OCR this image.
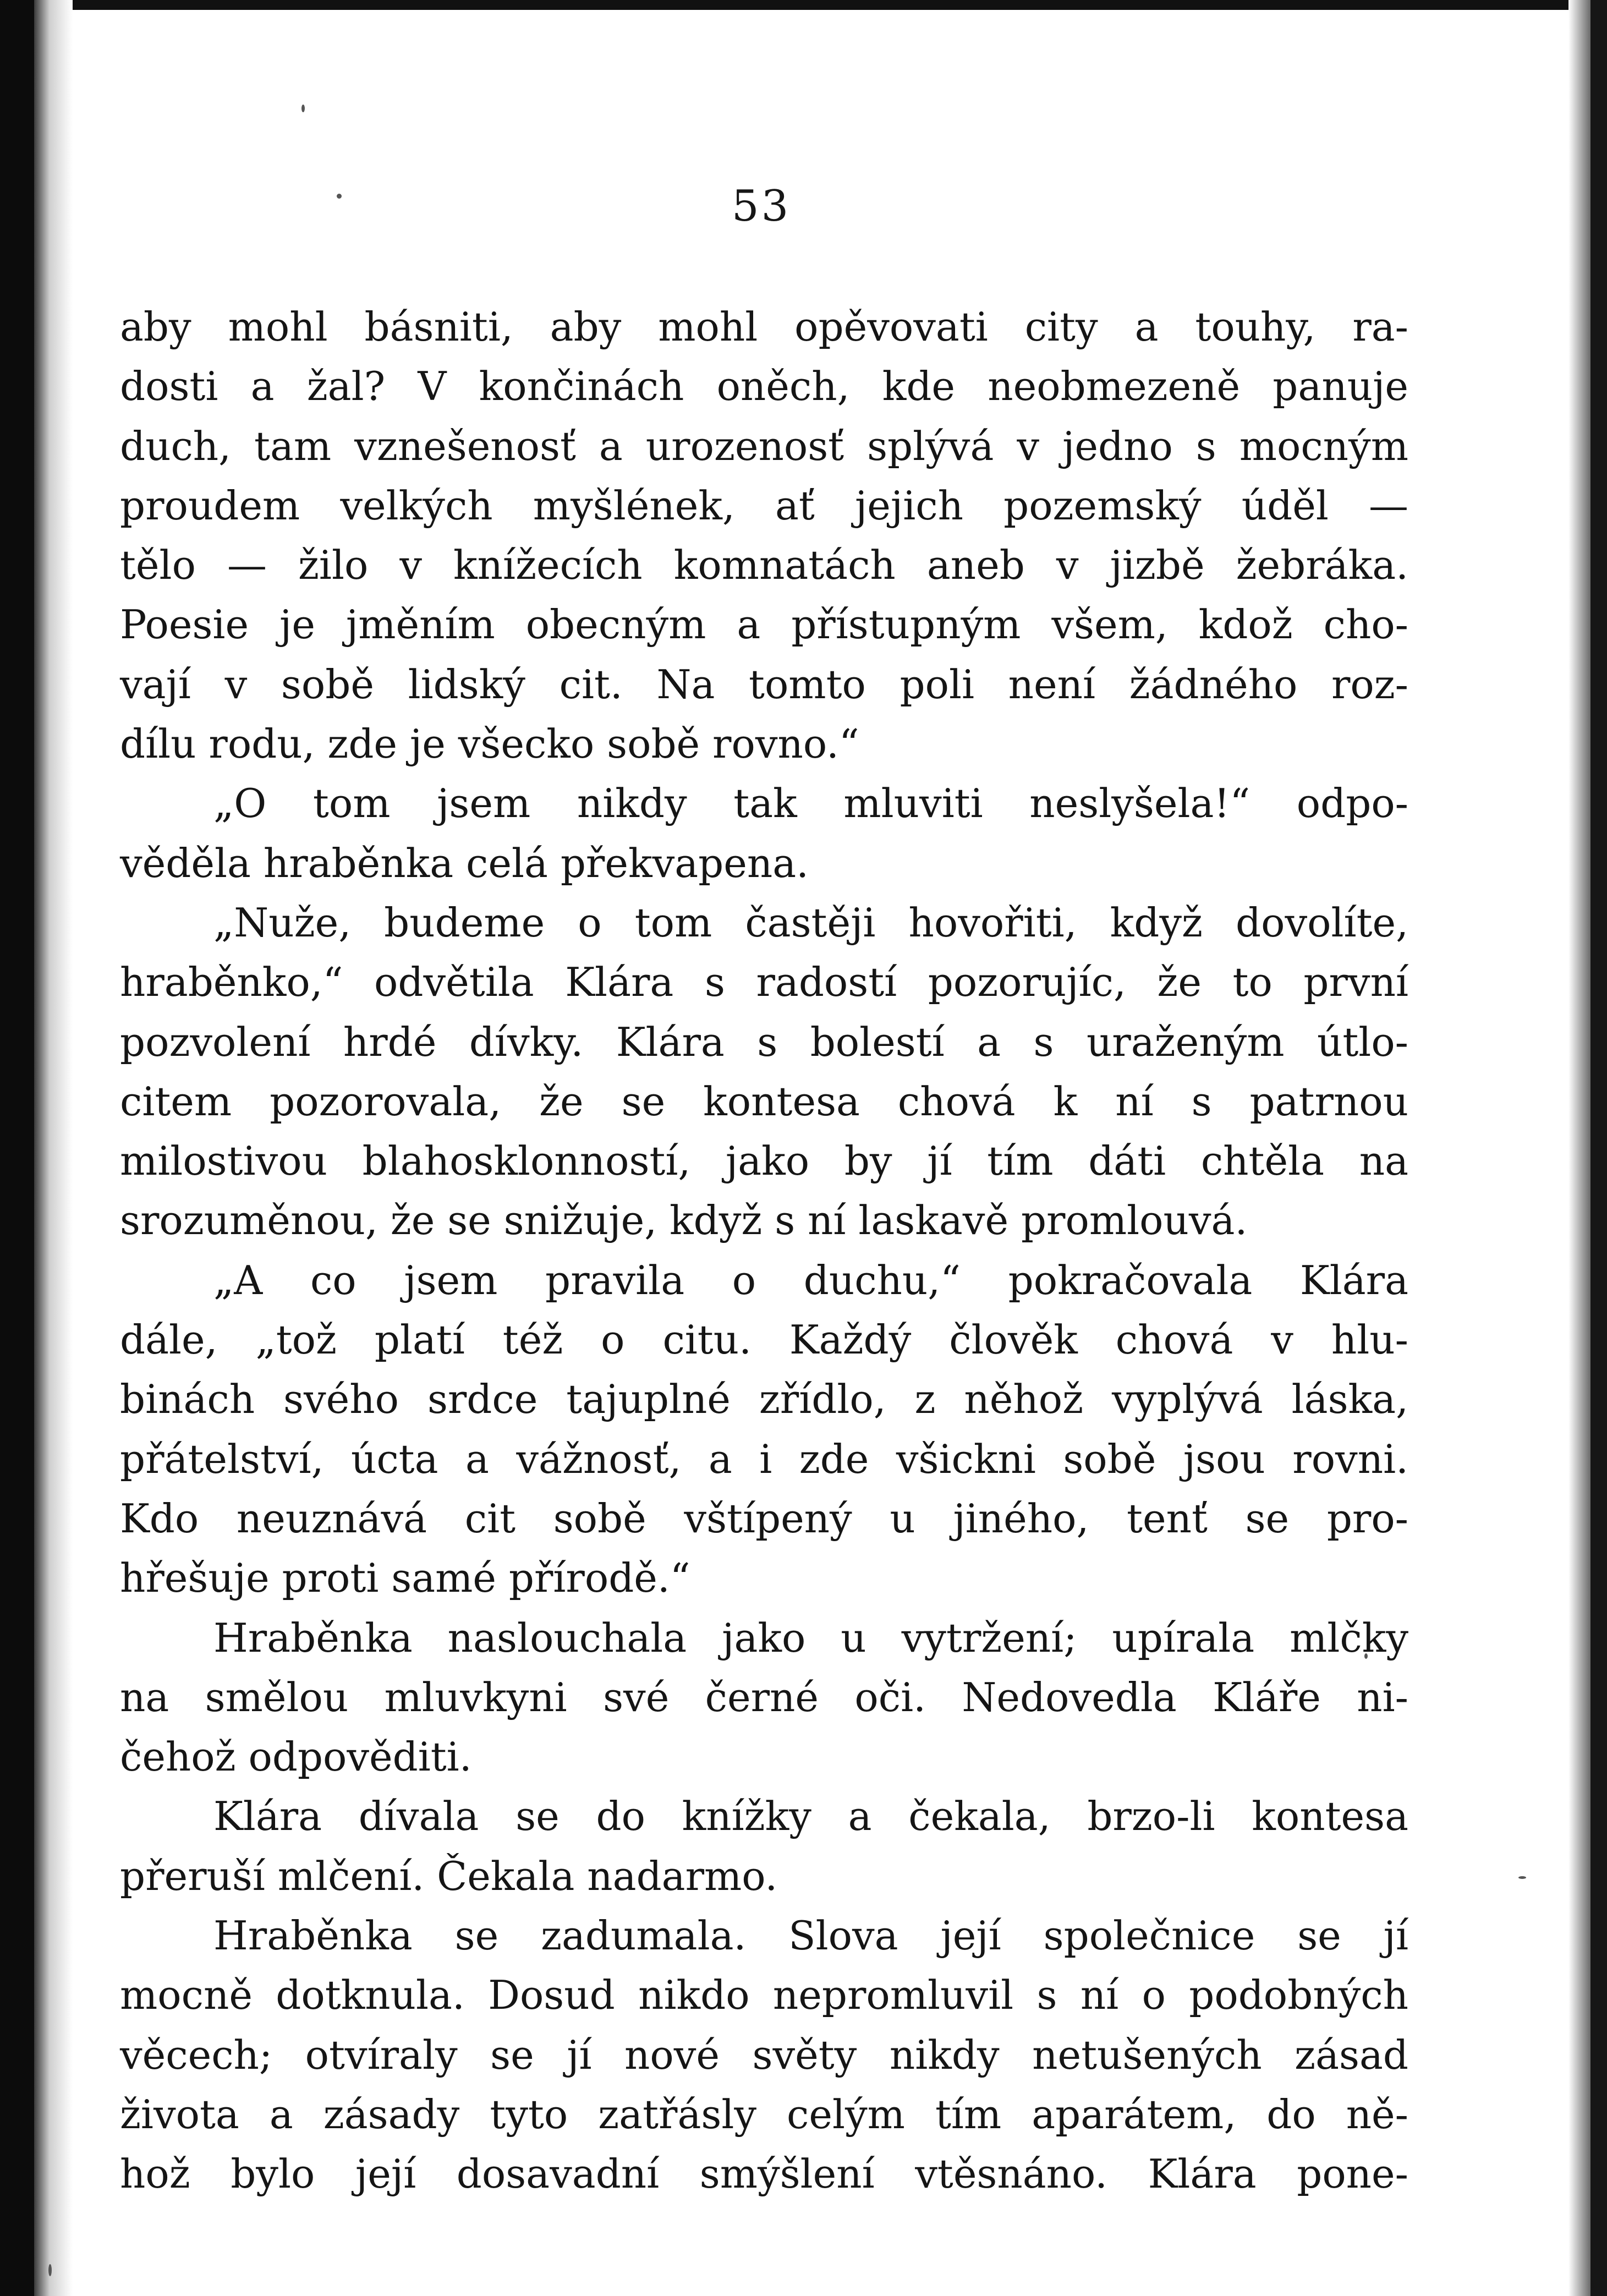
53
aby mohl básniti, aby mohl opěvovati city a touhy, ra-
dosti a žal? V končinách oněch, kde neobmezeně panuje
duch, tam vznešenosť a urozenosť splývá v jedno s mocným
proudem velkých myšlének, ať jejich pozemský úděl —
tělo — žilo v knížecích komnatách aneb v jizbě žebráka.
Poesie je jměním obecným a přístupným všem, kdož cho-
vají v sobě lidský cit. Na tomto poli není žádného roz-
dílu rodu, zde je všecko sobě rovno.“
„O tom jsem nikdy tak mluviti neslyšela!“ odpo-
věděla hraběnka celá překvapena.
„Nuže, budeme o tom častěji hovořiti, když dovolíte,
hraběnko,“ odvětila Klára s radostí pozorujíc, že to první
pozvolení hrdé dívky. Klára s bolestí a s uraženým útlo-
citem pozorovala, že se kontesa chová k ní s patrnou
milostivou blahosklonností, jako by jí tím dáti chtěla na
srozuměnou, že se snižuje, když s ní laskavě promlouvá.
„A co jsem pravila o duchu,“ pokračovala Klára
dále, „tož platí též o citu. Každý člověk chová v hlu-
binách svého srdce tajuplné zřídlo, z něhož vyplývá láska,
přátelství, úcta a vážnosť, a i zde všickni sobě jsou rovni.
Kdo neuznává cit sobě vštípený u jiného, tenť se pro-
hřešuje proti samé přírodě.“
Hraběnka naslouchala jako u vytržení; upírala mlčky
na smělou mluvkyni své černé oči. Nedovedla Kláře ni-
čehož odpověditi.
Klára dívala se do knížky a čekala, brzo-li kontesa
přeruší mlčení. Čekala nadarmo.
Hraběnka se zadumala. Slova její společnice se jí
mocně dotknula. Dosud nikdo nepromluvil s ní o podobných
věcech; otvíraly se jí nové světy nikdy netušených zásad
života a zásady tyto zatřásly celým tím aparátem, do ně-
hož bylo její dosavadní smýšlení vtěsnáno. Klára pone-
